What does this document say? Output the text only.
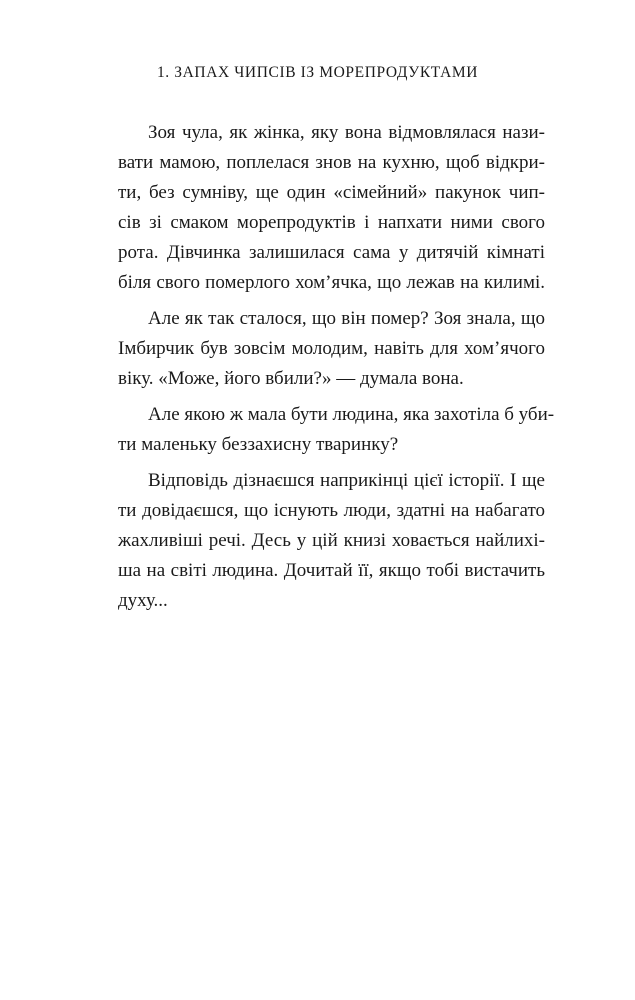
1. ЗАПАХ ЧИПСІВ ІЗ МОРЕПРОДУКТАМИ
Зоя чула, як жінка, яку вона відмовлялася нази-
вати мамою, поплелася знов на кухню, щоб відкри-
ти, без сумніву, ще один «сімейний» пакунок чип-
сів зі смаком морепродуктів і напхати ними свого
рота. Дівчинка залишилася сама у дитячій кімнаті
біля свого померлого хом’ячка, що лежав на килимі.
Але як так сталося, що він помер? Зоя знала, що
Імбирчик був зовсім молодим, навіть для хом’ячого
віку. «Може, його вбили?» — думала вона.
Але якою ж мала бути людина, яка захотіла б уби-
ти маленьку беззахисну тваринку?
Відповідь дізнаєшся наприкінці цієї історії. І ще
ти довідаєшся, що існують люди, здатні на набагато
жахливіші речі. Десь у цій книзі ховається найлихі-
ша на світі людина. Дочитай її, якщо тобі вистачить
духу...
